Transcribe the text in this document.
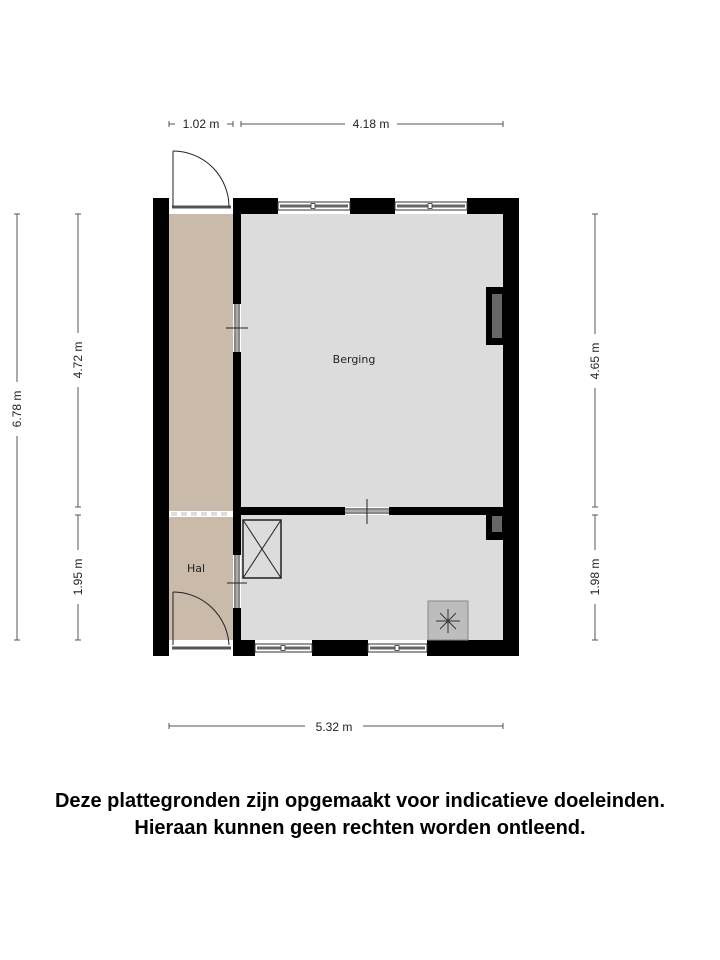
Berging
Hal
1.02 m	4.18 m
5.32 m
6.78 m
4.72 m
1.95 m
4.65 m
1.98 m
Deze plattegronden zijn opgemaakt voor indicatieve doeleinden.
Hieraan kunnen geen rechten worden ontleend.
